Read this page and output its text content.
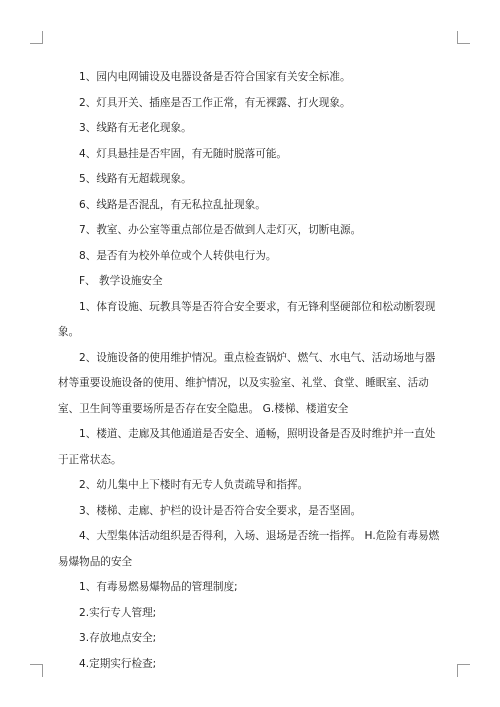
1、园内电网铺设及电器设备是否符合国家有关安全标准。

2、灯具开关、插座是否工作正常，有无裸露、打火现象。

3、线路有无老化现象。

4、灯具悬挂是否牢固，有无随时脱落可能。

5、线路有无超载现象。

6、线路是否混乱，有无私拉乱扯现象。

7、教室、办公室等重点部位是否做到人走灯灭，切断电源。

8、是否有为校外单位或个人转供电行为。

F、 教学设施安全

1、体育设施、玩教具等是否符合安全要求，有无锋利坚硬部位和松动断裂现象。

2、设施设备的使用维护情况。重点检查锅炉、燃气、水电气、活动场地与器材等重要设施设备的使用、维护情况，以及实验室、礼堂、食堂、睡眠室、活动室、卫生间等重要场所是否存在安全隐患。 G.楼梯、楼道安全

1、楼道、走廊及其他通道是否安全、通畅，照明设备是否及时维护并一直处于正常状态。

2、幼儿集中上下楼时有无专人负责疏导和指挥。

3、楼梯、走廊、护栏的设计是否符合安全要求，是否坚固。

4、大型集体活动组织是否得利，入场、退场是否统一指挥。 H.危险有毒易燃易爆物品的安全

1、有毒易燃易爆物品的管理制度;

2.实行专人管理;

3.存放地点安全;

4.定期实行检查;
